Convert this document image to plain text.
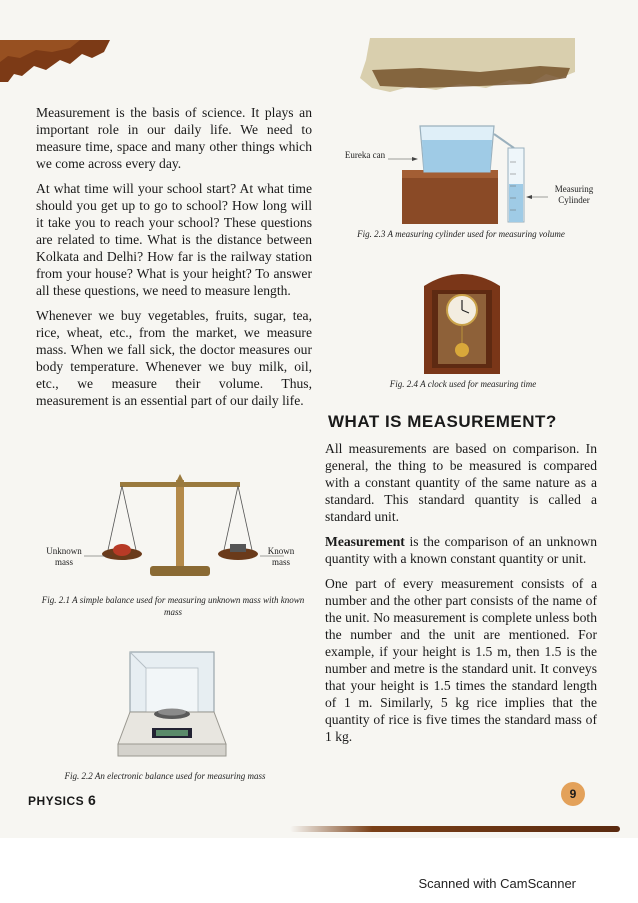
Measurement is the basis of science. It plays an important role in our daily life. We need to measure time, space and many other things which we come across every day.

At what time will your school start? At what time should you get up to go to school? How long will it take you to reach your school? These questions are related to time. What is the distance between Kolkata and Delhi? How far is the railway station from your house? What is your height? To answer all these questions, we need to measure length.

Whenever we buy vegetables, fruits, sugar, tea, rice, wheat, etc., from the market, we measure mass. When we fall sick, the doctor measures our body temperature. Whenever we buy milk, oil, etc., we measure their volume. Thus, measurement is an essential part of our daily life.

Unknown mass
Known mass
Fig. 2.1 A simple balance used for measuring unknown mass with known mass
Fig. 2.2 An electronic balance used for measuring mass
Eureka can
Measuring Cylinder
Fig. 2.3 A measuring cylinder used for measuring volume
Fig. 2.4 A clock used for measuring time
WHAT IS MEASUREMENT?

All measurements are based on comparison. In general, the thing to be measured is compared with a constant quantity of the same nature as a standard. This standard quantity is called a standard unit.

Measurement is the comparison of an unknown quantity with a known constant quantity or unit.

One part of every measurement consists of a number and the other part consists of the name of the unit. No measurement is complete unless both the number and the unit are mentioned. For example, if your height is 1.5 m, then 1.5 is the number and metre is the standard unit. It conveys that your height is 1.5 times the standard length of 1 m. Similarly, 5 kg rice implies that the quantity of rice is five times the standard mass of 1 kg.

PHYSICS 6	9
Scanned with CamScanner
